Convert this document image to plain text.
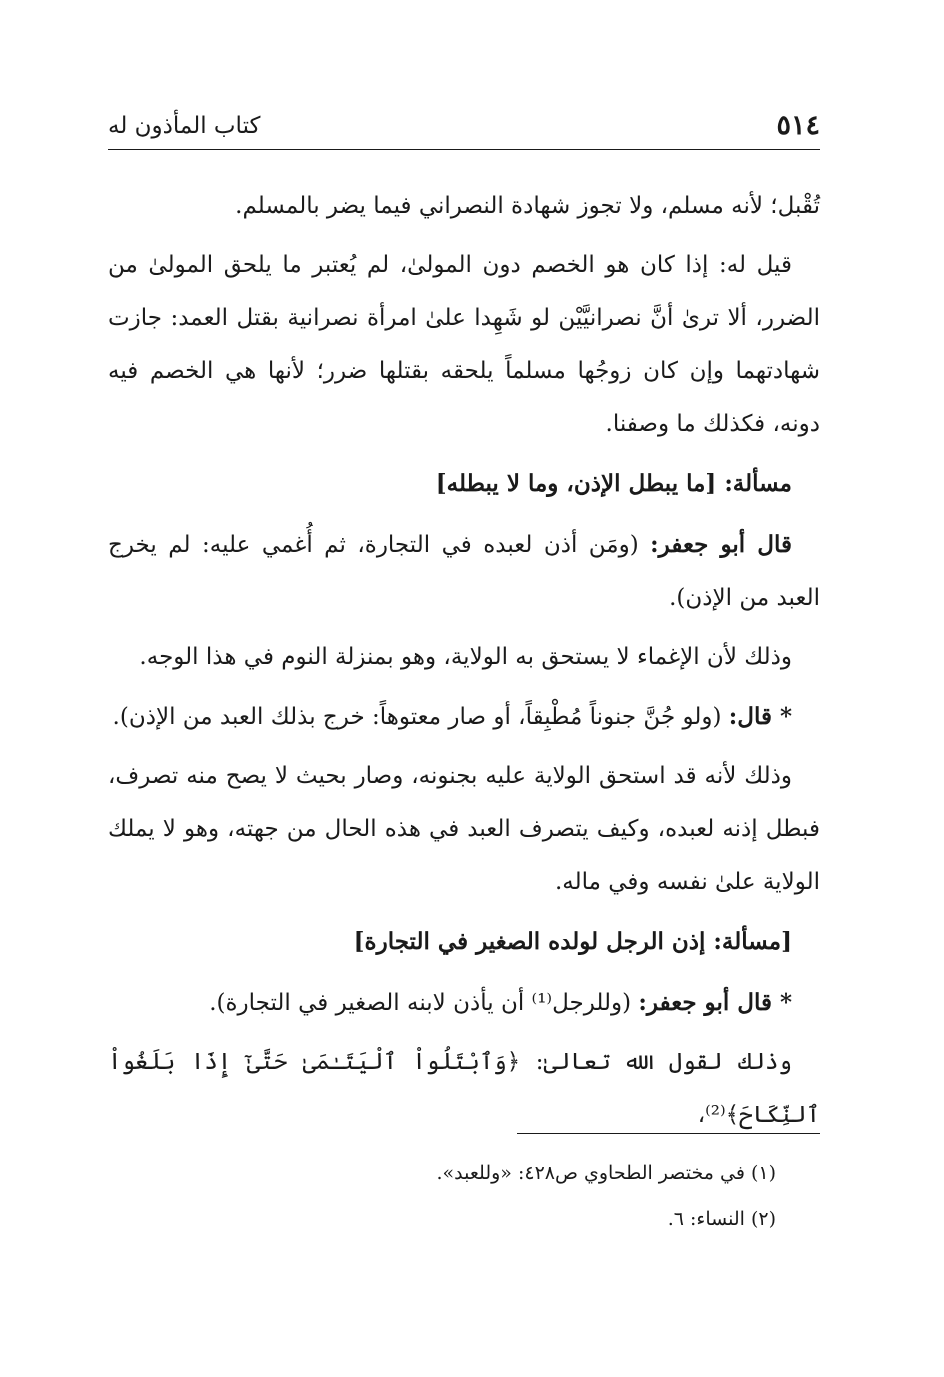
٥١٤
كتاب المأذون له

تُقْبل؛ لأنه مسلم، ولا تجوز شهادة النصراني فيما يضر بالمسلم.

قيل له: إذا كان هو الخصم دون المولىٰ، لم يُعتبر ما يلحق المولىٰ من الضرر، ألا ترىٰ أنَّ نصرانيَّيْن لو شَهِدا علىٰ امرأة نصرانية بقتل العمد: جازت شهادتهما وإن كان زوجُها مسلماً يلحقه بقتلها ضرر؛ لأنها هي الخصم فيه دونه، فكذلك ما وصفنا.

مسألة: [ما يبطل الإذن، وما لا يبطله]

قال أبو جعفر: (ومَن أذن لعبده في التجارة، ثم أُغمي عليه: لم يخرج العبد من الإذن).

وذلك لأن الإغماء لا يستحق به الولاية، وهو بمنزلة النوم في هذا الوجه.

* قال: (ولو جُنَّ جنوناً مُطْبِقاً، أو صار معتوهاً: خرج بذلك العبد من الإذن).

وذلك لأنه قد استحق الولاية عليه بجنونه، وصار بحيث لا يصح منه تصرف، فبطل إذنه لعبده، وكيف يتصرف العبد في هذه الحال من جهته، وهو لا يملك الولاية علىٰ نفسه وفي ماله.

[مسألة: إذن الرجل لولده الصغير في التجارة]

* قال أبو جعفر: (وللرجل⁽¹⁾ أن يأذن لابنه الصغير في التجارة).

وذلك لقول الله تعالىٰ: ﴿وَٱبْتَلُواْ ٱلْيَتَـٰمَىٰ حَتَّىٰٓ إِذَا بَلَغُواْ ٱلنِّكَاحَ﴾⁽²⁾،

(١) في مختصر الطحاوي ص٤٢٨: «وللعبد».

(٢) النساء: ٦.
